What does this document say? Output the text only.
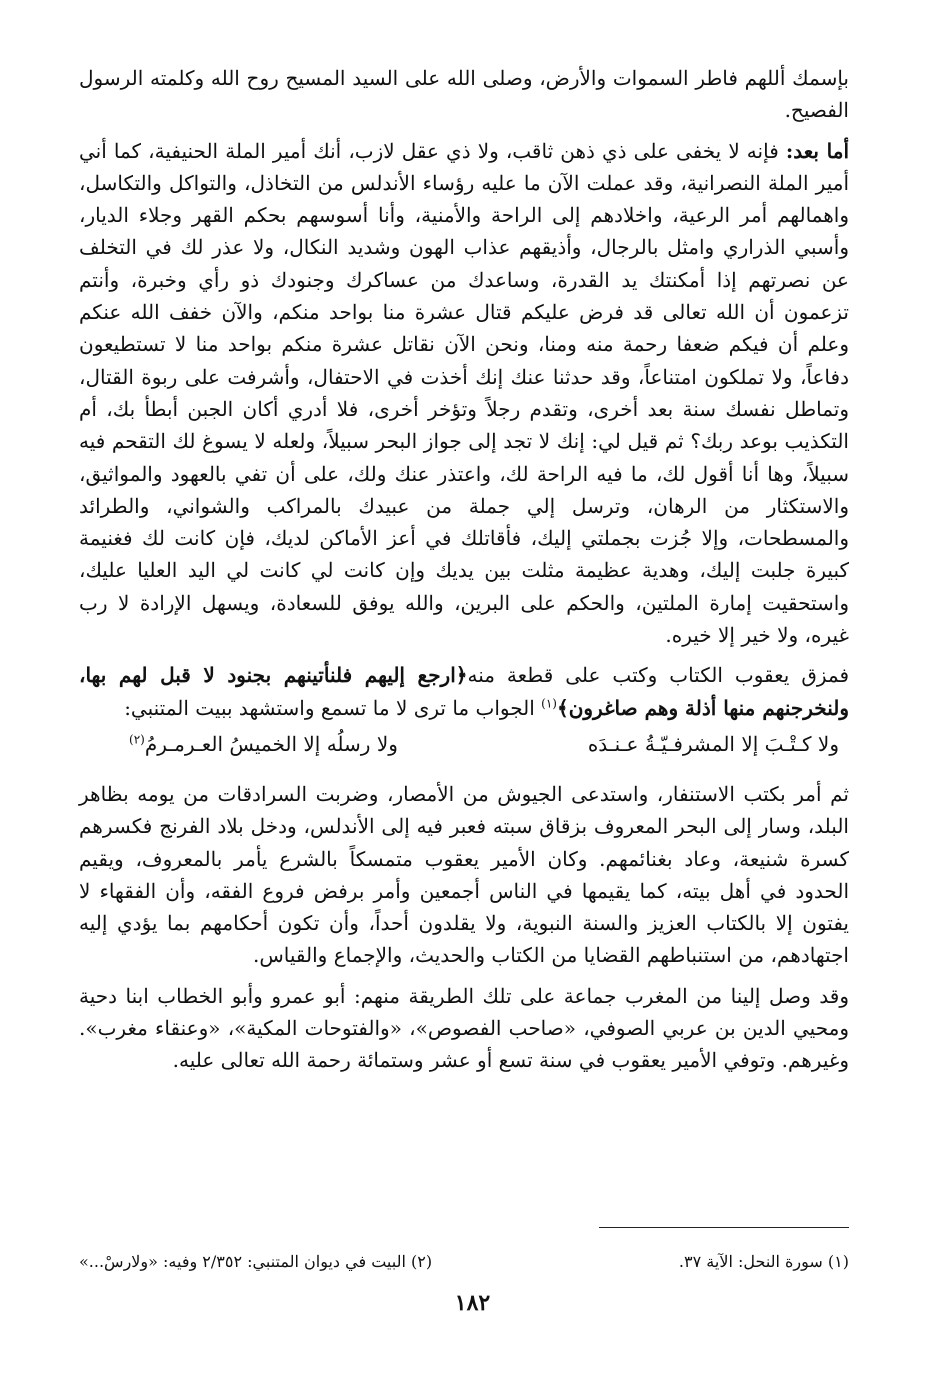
بإسمك أللهم فاطر السموات والأرض، وصلى الله على السيد المسيح روح الله وكلمته الرسول الفصيح.

أما بعد: فإنه لا يخفى على ذي ذهن ثاقب، ولا ذي عقل لازب، أنك أمير الملة الحنيفية، كما أني أمير الملة النصرانية، وقد عملت الآن ما عليه رؤساء الأندلس من التخاذل، والتواكل والتكاسل، واهمالهم أمر الرعية، واخلادهم إلى الراحة والأمنية، وأنا أسوسهم بحكم القهر وجلاء الديار، وأسبي الذراري وامثل بالرجال، وأذيقهم عذاب الهون وشديد النكال، ولا عذر لك في التخلف عن نصرتهم إذا أمكنتك يد القدرة، وساعدك من عساكرك وجنودك ذو رأي وخبرة، وأنتم تزعمون أن الله تعالى قد فرض عليكم قتال عشرة منا بواحد منكم، والآن خفف الله عنكم وعلم أن فيكم ضعفا رحمة منه ومنا، ونحن الآن نقاتل عشرة منكم بواحد منا لا تستطيعون دفاعاً، ولا تملكون امتناعاً، وقد حدثنا عنك إنك أخذت في الاحتفال، وأشرفت على ربوة القتال، وتماطل نفسك سنة بعد أخرى، وتقدم رجلاً وتؤخر أخرى، فلا أدري أكان الجبن أبطأ بك، أم التكذيب بوعد ربك؟ ثم قيل لي: إنك لا تجد إلى جواز البحر سبيلاً، ولعله لا يسوغ لك التقحم فيه سبيلاً، وها أنا أقول لك، ما فيه الراحة لك، واعتذر عنك ولك، على أن تفي بالعهود والمواثيق، والاستكثار من الرهان، وترسل إلي جملة من عبيدك بالمراكب والشواني، والطرائد والمسطحات، وإلا جُزت بجملتي إليك، فأقاتلك في أعز الأماكن لديك، فإن كانت لك فغنيمة كبيرة جلبت إليك، وهدية عظيمة مثلت بين يديك وإن كانت لي كانت لي اليد العليا عليك، واستحقيت إمارة الملتين، والحكم على البرين، والله يوفق للسعادة، ويسهل الإرادة لا رب غيره، ولا خير إلا خيره.

فمزق يعقوب الكتاب وكتب على قطعة منه﴿ارجع إليهم فلنأتينهم بجنود لا قبل لهم بها، ولنخرجنهم منها أذلة وهم صاغرون﴾$^{(١)}$ الجواب ما ترى لا ما تسمع واستشهد ببيت المتنبي:

ولا كـتْـبَ إلا المشرفـيّـةُ عـنـدَه
ولا رسلُه إلا الخميسُ العـرمـرمُ$^{(٢)}$

ثم أمر بكتب الاستنفار، واستدعى الجيوش من الأمصار، وضربت السرادقات من يومه بظاهر البلد، وسار إلى البحر المعروف بزقاق سبته فعبر فيه إلى الأندلس، ودخل بلاد الفرنج فكسرهم كسرة شنيعة، وعاد بغنائمهم. وكان الأمير يعقوب متمسكاً بالشرع يأمر بالمعروف، ويقيم الحدود في أهل بيته، كما يقيمها في الناس أجمعين وأمر برفض فروع الفقه، وأن الفقهاء لا يفتون إلا بالكتاب العزيز والسنة النبوية، ولا يقلدون أحداً، وأن تكون أحكامهم بما يؤدي إليه اجتهادهم، من استنباطهم القضايا من الكتاب والحديث، والإجماع والقياس.

وقد وصل إلينا من المغرب جماعة على تلك الطريقة منهم: أبو عمرو وأبو الخطاب ابنا دحية ومحيي الدين بن عربي الصوفي، «صاحب الفصوص»، «والفتوحات المكية»، «وعنقاء مغرب». وغيرهم. وتوفي الأمير يعقوب في سنة تسع أو عشر وستمائة رحمة الله تعالى عليه.

(١) سورة النحل: الآية ٣٧.
(٢) البيت في ديوان المتنبي: ٢/٣٥٢ وفيه: «ولارسْ...»
١٨٢
